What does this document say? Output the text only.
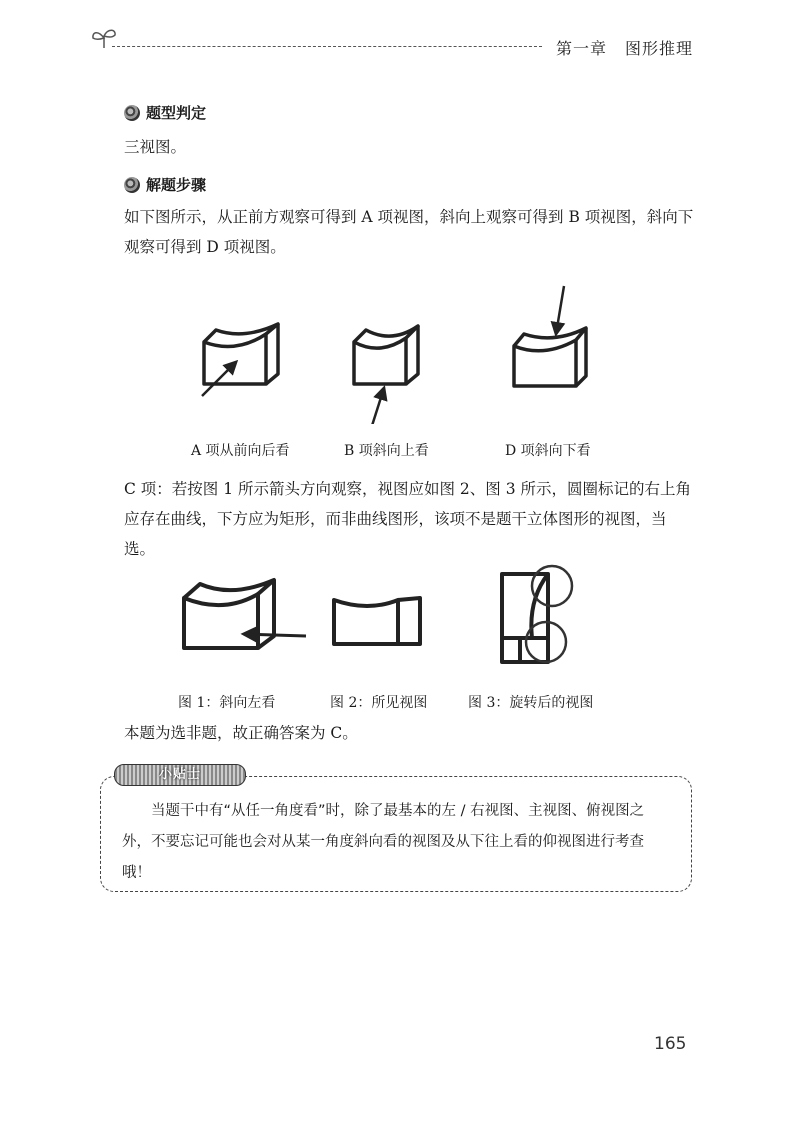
第一章 图形推理
题型判定
三视图。
解题步骤
如下图所示，从正前方观察可得到 A 项视图，斜向上观察可得到 B 项视图，斜向下观察可得到 D 项视图。
A 项从前向后看	B 项斜向上看	D 项斜向下看
C 项：若按图 1 所示箭头方向观察，视图应如图 2、图 3 所示，圆圈标记的右上角应存在曲线，下方应为矩形，而非曲线图形，该项不是题干立体图形的视图，当选。
图 1：斜向左看	图 2：所见视图	图 3：旋转后的视图
本题为选非题，故正确答案为 C。
小贴士
当题干中有“从任一角度看”时，除了最基本的左 / 右视图、主视图、俯视图之外，不要忘记可能也会对从某一角度斜向看的视图及从下往上看的仰视图进行考查哦！
165
